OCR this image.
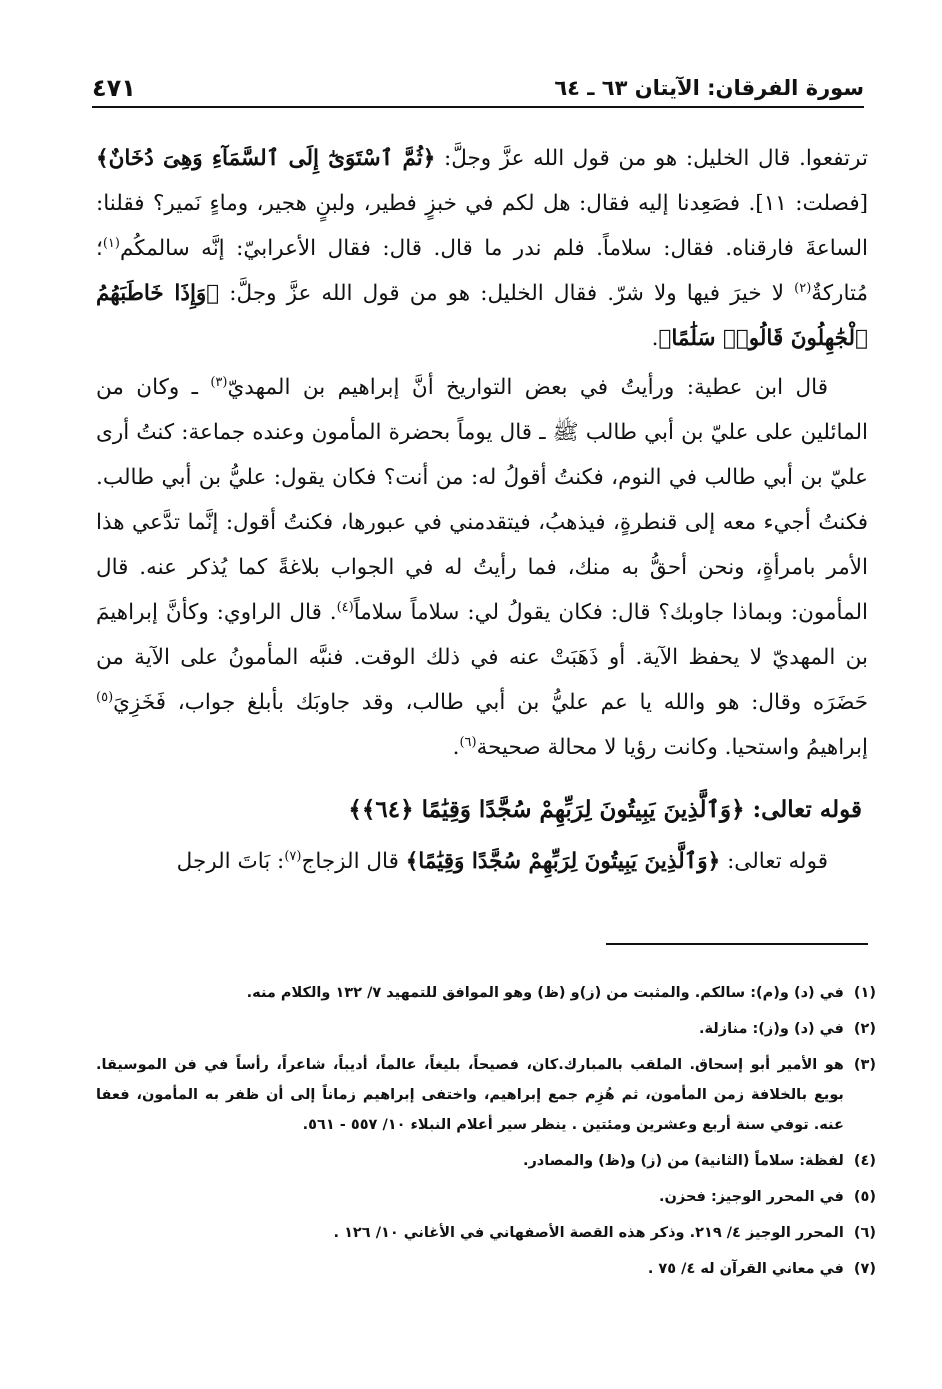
سورة الفرقان: الآيتان ٦٣ ـ ٦٤
٤٧١

ترتفعوا. قال الخليل: هو من قول الله عزَّ وجلَّ: ﴿ثُمَّ ٱسْتَوَىٰٓ إِلَى ٱلسَّمَآءِ وَهِىَ دُخَانٌ﴾ [فصلت: ١١]. فصَعِدنا إليه فقال: هل لكم في خبزٍ فطير، ولبنٍ هجير، وماءٍ نَمير؟ فقلنا: الساعةَ فارقناه. فقال: سلاماً. فلم ندر ما قال. قال: فقال الأعرابيّ: إنَّه سالمكُم$^{(١)}$؛ مُتاركةٌ$^{(٢)}$ لا خيرَ فيها ولا شرّ. فقال الخليل: هو من قول الله عزَّ وجلَّ: ﴿وَإِذَا خَاطَبَهُمُ ٱلْجَٰهِلُونَ قَالُوا۟ سَلَٰمًا﴾.

قال ابن عطية: ورأيتُ في بعض التواريخ أنَّ إبراهيم بن المهديّ$^{(٣)}$ ـ وكان من المائلين على عليّ بن أبي طالب ﷺ ـ قال يوماً بحضرة المأمون وعنده جماعة: كنتُ أرى عليّ بن أبي طالب في النوم، فكنتُ أقولُ له: من أنت؟ فكان يقول: عليُّ بن أبي طالب. فكنتُ أجيء معه إلى قنطرةٍ، فيذهبُ، فيتقدمني في عبورها، فكنتُ أقول: إنَّما تدَّعي هذا الأمر بامرأةٍ، ونحن أحقُّ به منك، فما رأيتُ له في الجواب بلاغةً كما يُذكر عنه. قال المأمون: وبماذا جاوبك؟ قال: فكان يقولُ لي: سلاماً سلاماً$^{(٤)}$. قال الراوي: وكأنَّ إبراهيمَ بن المهديّ لا يحفظ الآية. أو ذَهَبَتْ عنه في ذلك الوقت. فنبَّه المأمونُ على الآية من حَضَرَه وقال: هو والله يا عم عليُّ بن أبي طالب، وقد جاوبَك بأبلغ جواب، فَخَزِيَ$^{(٥)}$ إبراهيمُ واستحيا. وكانت رؤيا لا محالة صحيحة$^{(٦)}$.

قوله تعالى: ﴿وَٱلَّذِينَ يَبِيتُونَ لِرَبِّهِمْ سُجَّدًا وَقِيَٰمًا ﴿٦٤﴾﴾

قوله تعالى: ﴿وَٱلَّذِينَ يَبِيتُونَ لِرَبِّهِمْ سُجَّدًا وَقِيَٰمًا﴾ قال الزجاج$^{(٧)}$: بَاتَ الرجل

(١)
في (د) و(م): سالكم. والمثبت من (ز)و (ظ) وهو الموافق للتمهيد ٧/ ١٣٢ والكلام منه.
(٢)
في (د) و(ز): منازلة.
(٣)
هو الأمير أبو إسحاق. الملقب بالمبارك.كان، فصيحاً، بليغاً، عالماً، أديباً، شاعراً، رأساً في فن الموسيقا. بويع بالخلافة زمن المأمون، ثم هُزِم جمع إبراهيم، واختفى إبراهيم زماناً إلى أن ظفر به المأمون، فعفا عنه. توفي سنة أربع وعشرين ومئتين . ينظر سير أعلام النبلاء ١٠/ ٥٥٧ - ٥٦١.
(٤)
لفظة: سلاماً (الثانية) من (ز) و(ظ) والمصادر.
(٥)
في المحرر الوجيز: فحزن.
(٦)
المحرر الوجيز ٤/ ٢١٩. وذكر هذه القصة الأصفهاني في الأغاني ١٠/ ١٢٦ .
(٧)
في معاني القرآن له ٤/ ٧٥ .
